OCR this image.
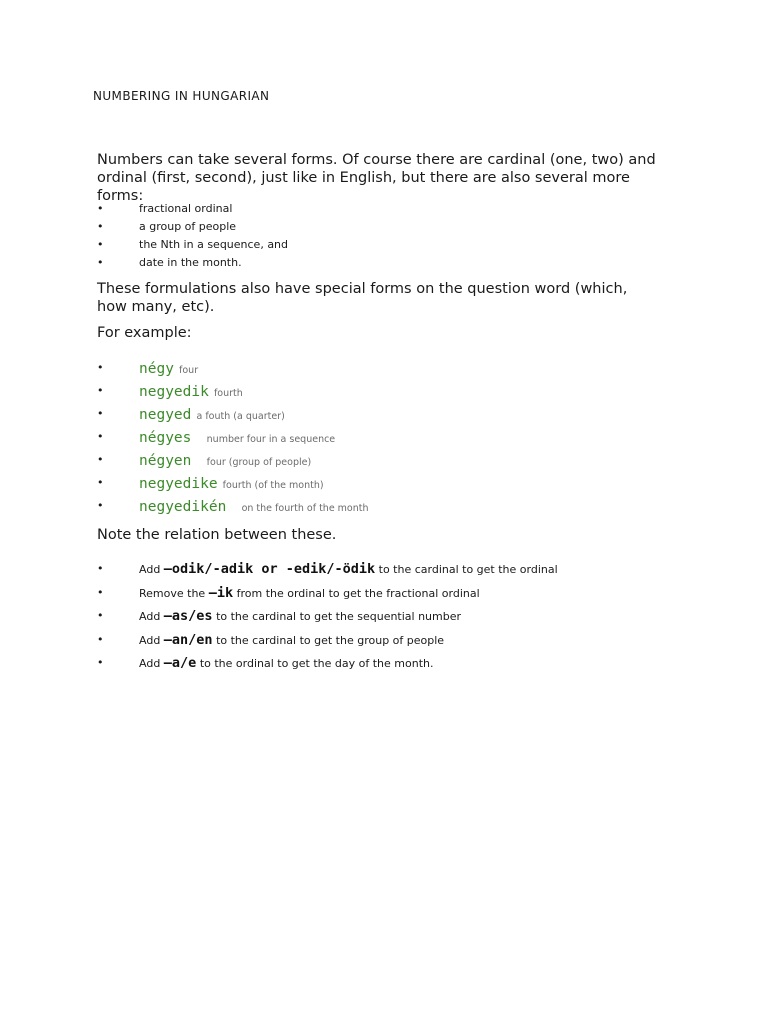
NUMBERING IN HUNGARIAN
Numbers can take several forms. Of course there are cardinal (one, two) and ordinal (first, second), just like in English, but there are also several more forms:
•	fractional ordinal
•	a group of people
•	the Nth in a sequence, and
•	date in the month.
These formulations also have special forms on the question word (which, how many, etc).
For example:
• négy four
• negyedik fourth
• negyed a fouth (a quarter)
• négyes number four in a sequence
• négyen four (group of people)
• negyedike fourth (of the month)
• negyedikén on the fourth of the month
Note the relation between these.
•	Add –odik/-adik or -edik/-ödik to the cardinal to get the ordinal
•	Remove the –ik from the ordinal to get the fractional ordinal
•	Add –as/es to the cardinal to get the sequential number
•	Add –an/en to the cardinal to get the group of people
•	Add –a/e to the ordinal to get the day of the month.
